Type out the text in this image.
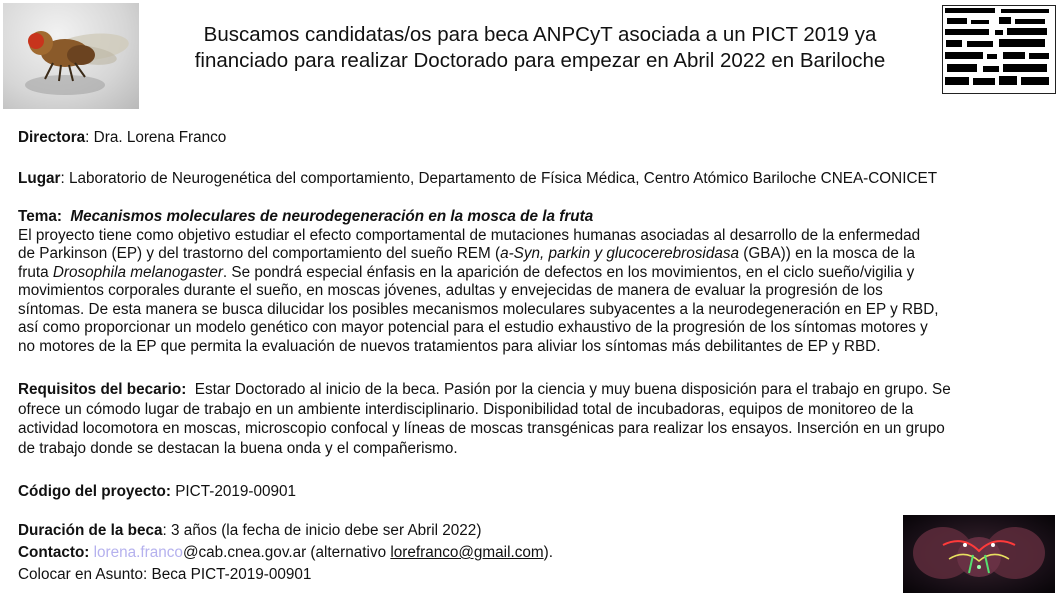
Buscamos candidatas/os para beca ANPCyT asociada a un PICT 2019 ya
financiado para realizar Doctorado para empezar en Abril 2022 en Bariloche
Directora: Dra. Lorena Franco
Lugar: Laboratorio de Neurogenética del comportamiento, Departamento de Física Médica, Centro Atómico Bariloche CNEA-CONICET
Tema: Mecanismos moleculares de neurodegeneración en la mosca de la fruta
El proyecto tiene como objetivo estudiar el efecto comportamental de mutaciones humanas asociadas al desarrollo de la enfermedad
de Parkinson (EP) y del trastorno del comportamiento del sueño REM (a-Syn, parkin y glucocerebrosidasa (GBA)) en la mosca de la
fruta Drosophila melanogaster. Se pondrá especial énfasis en la aparición de defectos en los movimientos, en el ciclo sueño/vigilia y
movimientos corporales durante el sueño, en moscas jóvenes, adultas y envejecidas de manera de evaluar la progresión de los
síntomas. De esta manera se busca dilucidar los posibles mecanismos moleculares subyacentes a la neurodegeneración en EP y RBD,
así como proporcionar un modelo genético con mayor potencial para el estudio exhaustivo de la progresión de los síntomas motores y
no motores de la EP que permita la evaluación de nuevos tratamientos para aliviar los síntomas más debilitantes de EP y RBD.
Requisitos del becario:  Estar Doctorado al inicio de la beca. Pasión por la ciencia y muy buena disposición para el trabajo en grupo. Se
ofrece un cómodo lugar de trabajo en un ambiente interdisciplinario. Disponibilidad total de incubadoras, equipos de monitoreo de la
actividad locomotora en moscas, microscopio confocal y líneas de moscas transgénicas para realizar los ensayos. Inserción en un grupo
de trabajo donde se destacan la buena onda y el compañerismo.
Código del proyecto: PICT-2019-00901
Duración de la beca: 3 años (la fecha de inicio debe ser Abril 2022)
Contacto: lorena.franco@cab.cnea.gov.ar (alternativo lorefranco@gmail.com).
Colocar en Asunto: Beca PICT-2019-00901
